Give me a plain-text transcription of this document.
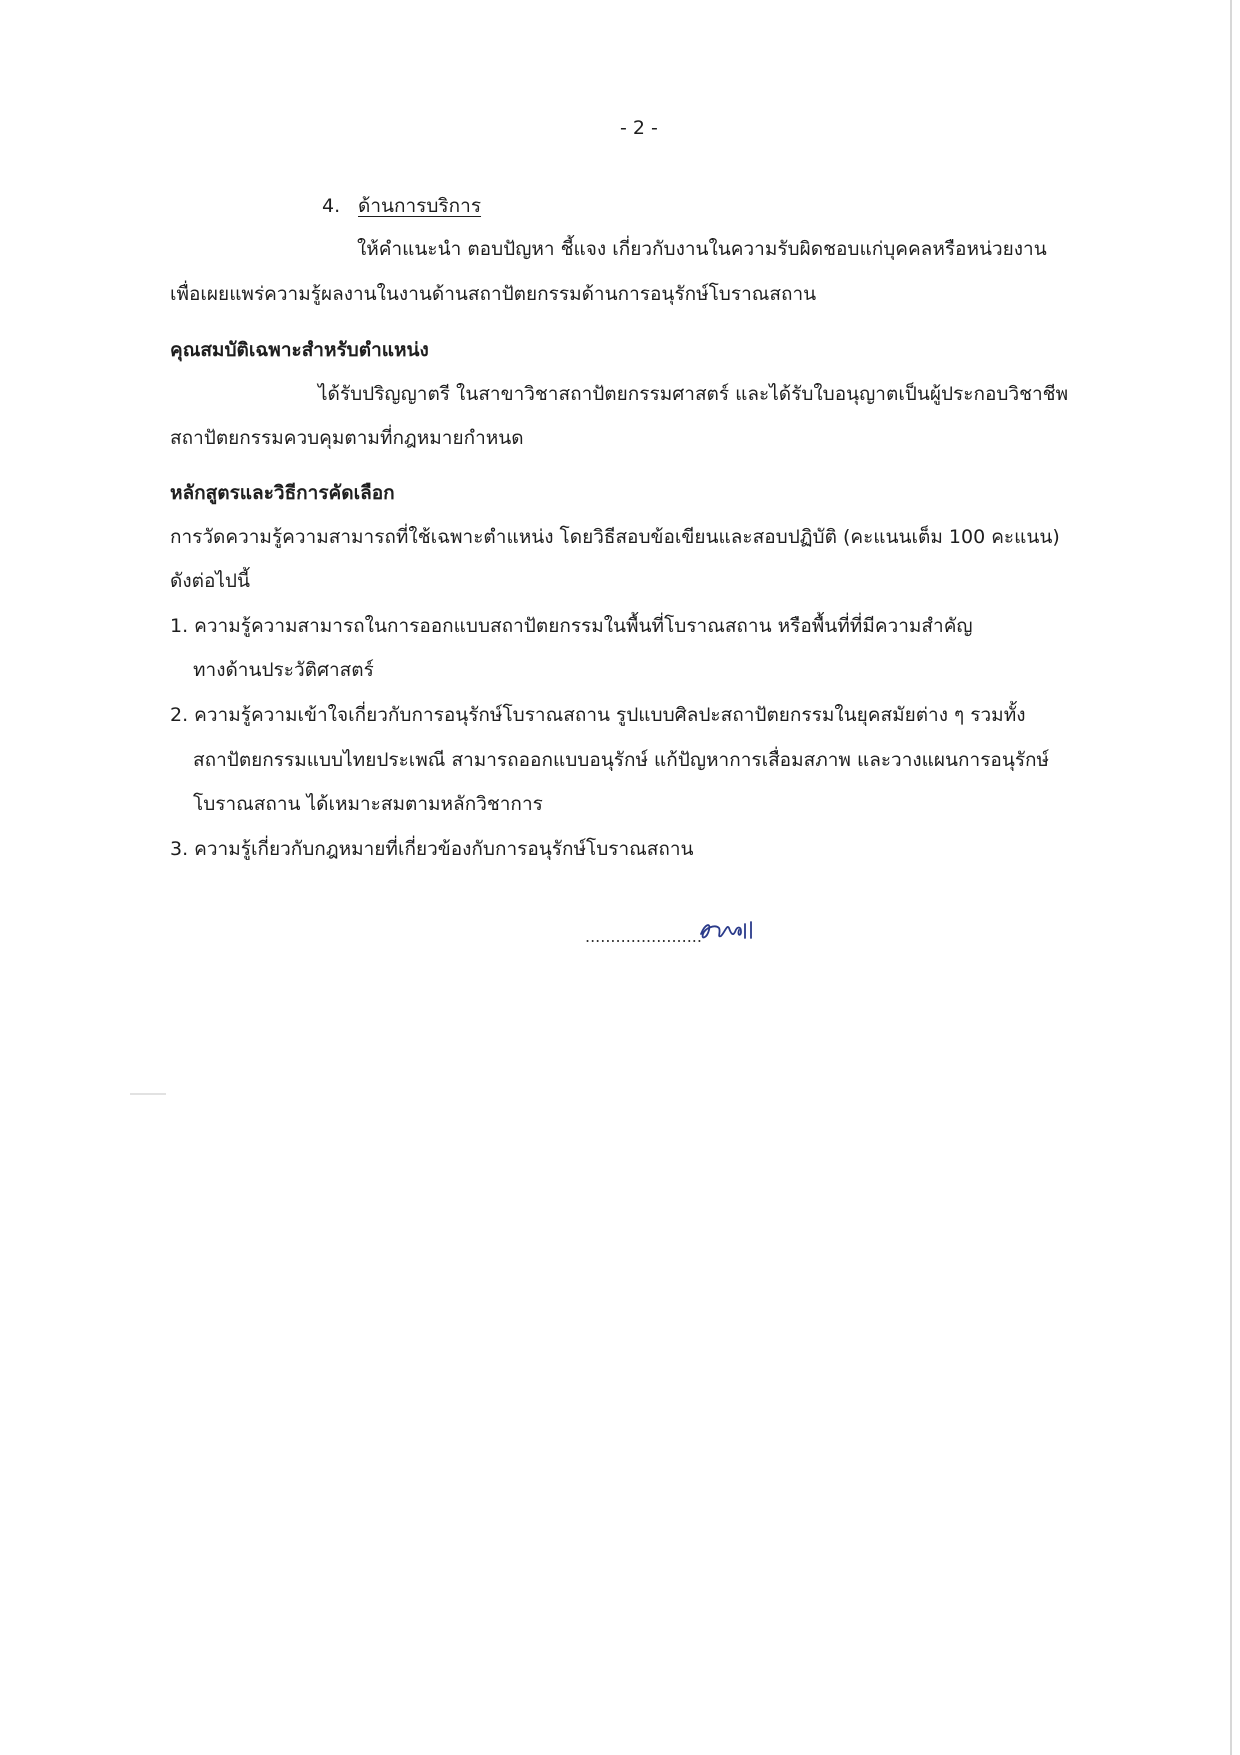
- 2 -
4. ด้านการบริการ
ให้คำแนะนำ ตอบปัญหา ชี้แจง เกี่ยวกับงานในความรับผิดชอบแก่บุคคลหรือหน่วยงาน
เพื่อเผยแพร่ความรู้ผลงานในงานด้านสถาปัตยกรรมด้านการอนุรักษ์โบราณสถาน
คุณสมบัติเฉพาะสำหรับตำแหน่ง
ได้รับปริญญาตรี ในสาขาวิชาสถาปัตยกรรมศาสตร์ และได้รับใบอนุญาตเป็นผู้ประกอบวิชาชีพ
สถาปัตยกรรมควบคุมตามที่กฎหมายกำหนด
หลักสูตรและวิธีการคัดเลือก
การวัดความรู้ความสามารถที่ใช้เฉพาะตำแหน่ง โดยวิธีสอบข้อเขียนและสอบปฏิบัติ (คะแนนเต็ม 100 คะแนน)
ดังต่อไปนี้
1. ความรู้ความสามารถในการออกแบบสถาปัตยกรรมในพื้นที่โบราณสถาน หรือพื้นที่ที่มีความสำคัญ
ทางด้านประวัติศาสตร์
2. ความรู้ความเข้าใจเกี่ยวกับการอนุรักษ์โบราณสถาน รูปแบบศิลปะสถาปัตยกรรมในยุคสมัยต่าง ๆ รวมทั้ง
สถาปัตยกรรมแบบไทยประเพณี สามารถออกแบบอนุรักษ์ แก้ปัญหาการเสื่อมสภาพ และวางแผนการอนุรักษ์
โบราณสถาน ได้เหมาะสมตามหลักวิชาการ
3. ความรู้เกี่ยวกับกฎหมายที่เกี่ยวข้องกับการอนุรักษ์โบราณสถาน
.......................
